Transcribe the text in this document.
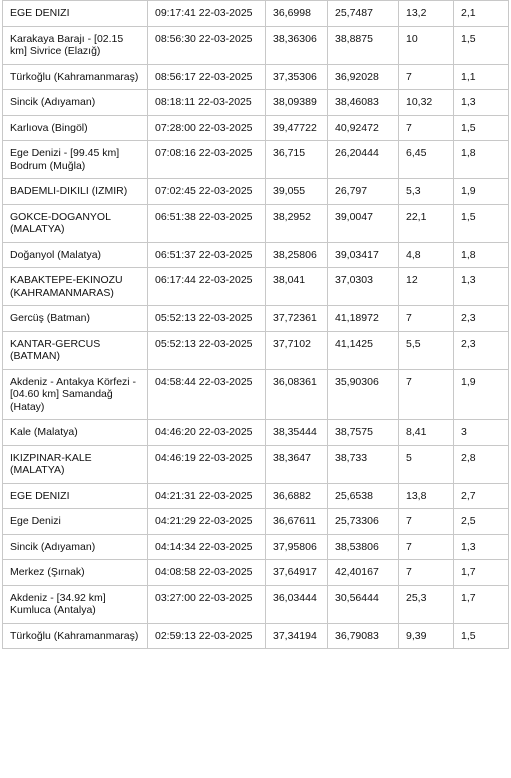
EGE DENIZI	09:17:41 22-03-2025	36,6998	25,7487	13,2	2,1
Karakaya Barajı - [02.15 km] Sivrice (Elazığ)	08:56:30 22-03-2025	38,36306	38,8875	10	1,5
Türkoğlu (Kahramanmaraş)	08:56:17 22-03-2025	37,35306	36,92028	7	1,1
Sincik (Adıyaman)	08:18:11 22-03-2025	38,09389	38,46083	10,32	1,3
Karlıova (Bingöl)	07:28:00 22-03-2025	39,47722	40,92472	7	1,5
Ege Denizi - [99.45 km] Bodrum (Muğla)	07:08:16 22-03-2025	36,715	26,20444	6,45	1,8
BADEMLI-DIKILI (IZMIR)	07:02:45 22-03-2025	39,055	26,797	5,3	1,9
GOKCE-DOGANYOL (MALATYA)	06:51:38 22-03-2025	38,2952	39,0047	22,1	1,5
Doğanyol (Malatya)	06:51:37 22-03-2025	38,25806	39,03417	4,8	1,8
KABAKTEPE-EKINOZU (KAHRAMANMARAS)	06:17:44 22-03-2025	38,041	37,0303	12	1,3
Gercüş (Batman)	05:52:13 22-03-2025	37,72361	41,18972	7	2,3
KANTAR-GERCUS (BATMAN)	05:52:13 22-03-2025	37,7102	41,1425	5,5	2,3
Akdeniz - Antakya Körfezi - [04.60 km] Samandağ (Hatay)	04:58:44 22-03-2025	36,08361	35,90306	7	1,9
Kale (Malatya)	04:46:20 22-03-2025	38,35444	38,7575	8,41	3
IKIZPINAR-KALE (MALATYA)	04:46:19 22-03-2025	38,3647	38,733	5	2,8
EGE DENIZI	04:21:31 22-03-2025	36,6882	25,6538	13,8	2,7
Ege Denizi	04:21:29 22-03-2025	36,67611	25,73306	7	2,5
Sincik (Adıyaman)	04:14:34 22-03-2025	37,95806	38,53806	7	1,3
Merkez (Şırnak)	04:08:58 22-03-2025	37,64917	42,40167	7	1,7
Akdeniz - [34.92 km] Kumluca (Antalya)	03:27:00 22-03-2025	36,03444	30,56444	25,3	1,7
Türkoğlu (Kahramanmaraş)	02:59:13 22-03-2025	37,34194	36,79083	9,39	1,5
